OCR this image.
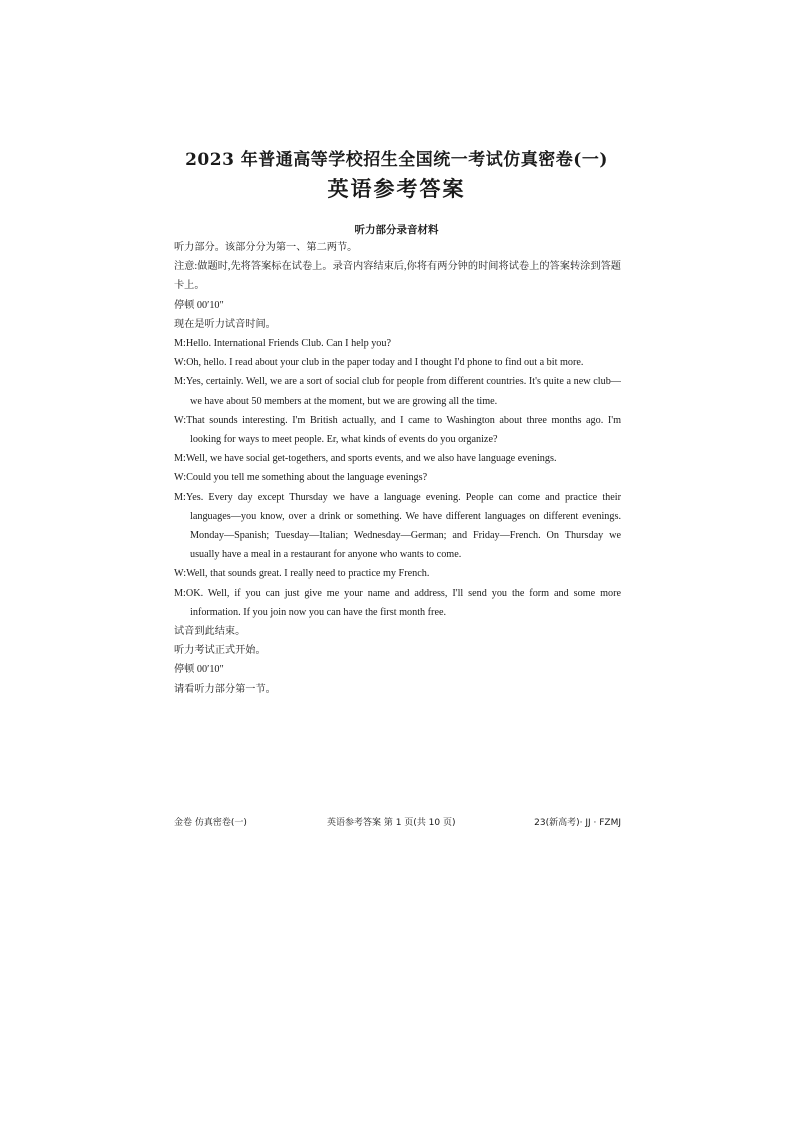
2023 年普通高等学校招生全国统一考试仿真密卷(一)
英语参考答案
听力部分录音材料

听力部分。该部分分为第一、第二两节。

注意:做题时,先将答案标在试卷上。录音内容结束后,你将有两分钟的时间将试卷上的答案转涂到答题卡上。

停顿 00′10″

现在是听力试音时间。

M:Hello. International Friends Club. Can I help you?

W:Oh, hello. I read about your club in the paper today and I thought I'd phone to find out a bit more.

M:Yes, certainly. Well, we are a sort of social club for people from different countries. It's quite a new club—we have about 50 members at the moment, but we are growing all the time.

W:That sounds interesting. I'm British actually, and I came to Washington about three months ago. I'm looking for ways to meet people. Er, what kinds of events do you organize?

M:Well, we have social get-togethers, and sports events, and we also have language evenings.

W:Could you tell me something about the language evenings?

M:Yes. Every day except Thursday we have a language evening. People can come and practice their languages—you know, over a drink or something. We have different languages on different evenings. Monday—Spanish; Tuesday—Italian; Wednesday—German; and Friday—French. On Thursday we usually have a meal in a restaurant for anyone who wants to come.

W:Well, that sounds great. I really need to practice my French.

M:OK. Well, if you can just give me your name and address, I'll send you the form and some more information. If you join now you can have the first month free.

试音到此结束。

听力考试正式开始。

停顿 00′10″

请看听力部分第一节。

金卷 仿真密卷(一)	英语参考答案 第 1 页(共 10 页)	23(新高考)· JJ · FZMJ
